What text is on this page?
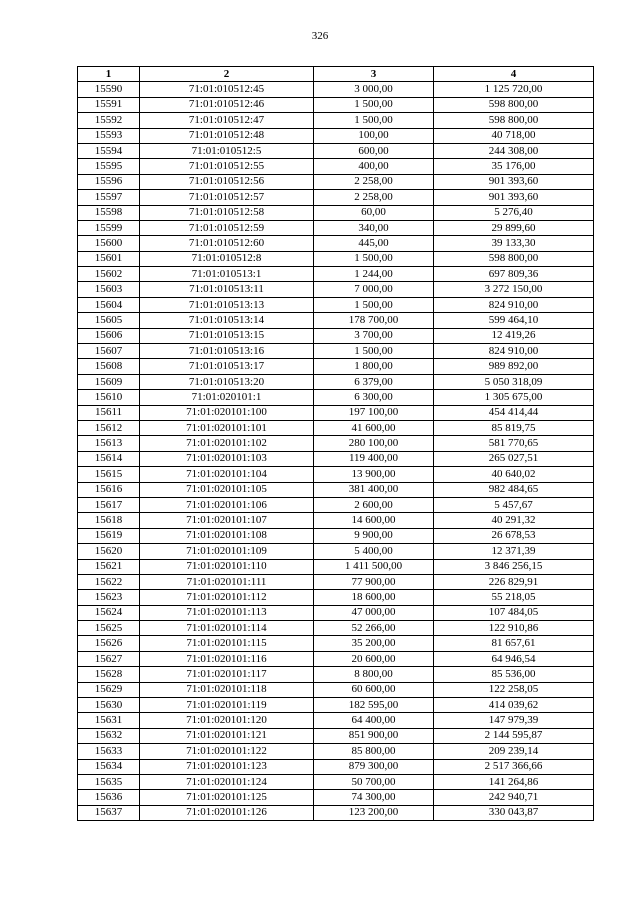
326
1	2	3	4
15590	71:01:010512:45	3 000,00	1 125 720,00
15591	71:01:010512:46	1 500,00	598 800,00
15592	71:01:010512:47	1 500,00	598 800,00
15593	71:01:010512:48	100,00	40 718,00
15594	71:01:010512:5	600,00	244 308,00
15595	71:01:010512:55	400,00	35 176,00
15596	71:01:010512:56	2 258,00	901 393,60
15597	71:01:010512:57	2 258,00	901 393,60
15598	71:01:010512:58	60,00	5 276,40
15599	71:01:010512:59	340,00	29 899,60
15600	71:01:010512:60	445,00	39 133,30
15601	71:01:010512:8	1 500,00	598 800,00
15602	71:01:010513:1	1 244,00	697 809,36
15603	71:01:010513:11	7 000,00	3 272 150,00
15604	71:01:010513:13	1 500,00	824 910,00
15605	71:01:010513:14	178 700,00	599 464,10
15606	71:01:010513:15	3 700,00	12 419,26
15607	71:01:010513:16	1 500,00	824 910,00
15608	71:01:010513:17	1 800,00	989 892,00
15609	71:01:010513:20	6 379,00	5 050 318,09
15610	71:01:020101:1	6 300,00	1 305 675,00
15611	71:01:020101:100	197 100,00	454 414,44
15612	71:01:020101:101	41 600,00	85 819,75
15613	71:01:020101:102	280 100,00	581 770,65
15614	71:01:020101:103	119 400,00	265 027,51
15615	71:01:020101:104	13 900,00	40 640,02
15616	71:01:020101:105	381 400,00	982 484,65
15617	71:01:020101:106	2 600,00	5 457,67
15618	71:01:020101:107	14 600,00	40 291,32
15619	71:01:020101:108	9 900,00	26 678,53
15620	71:01:020101:109	5 400,00	12 371,39
15621	71:01:020101:110	1 411 500,00	3 846 256,15
15622	71:01:020101:111	77 900,00	226 829,91
15623	71:01:020101:112	18 600,00	55 218,05
15624	71:01:020101:113	47 000,00	107 484,05
15625	71:01:020101:114	52 266,00	122 910,86
15626	71:01:020101:115	35 200,00	81 657,61
15627	71:01:020101:116	20 600,00	64 946,54
15628	71:01:020101:117	8 800,00	85 536,00
15629	71:01:020101:118	60 600,00	122 258,05
15630	71:01:020101:119	182 595,00	414 039,62
15631	71:01:020101:120	64 400,00	147 979,39
15632	71:01:020101:121	851 900,00	2 144 595,87
15633	71:01:020101:122	85 800,00	209 239,14
15634	71:01:020101:123	879 300,00	2 517 366,66
15635	71:01:020101:124	50 700,00	141 264,86
15636	71:01:020101:125	74 300,00	242 940,71
15637	71:01:020101:126	123 200,00	330 043,87
